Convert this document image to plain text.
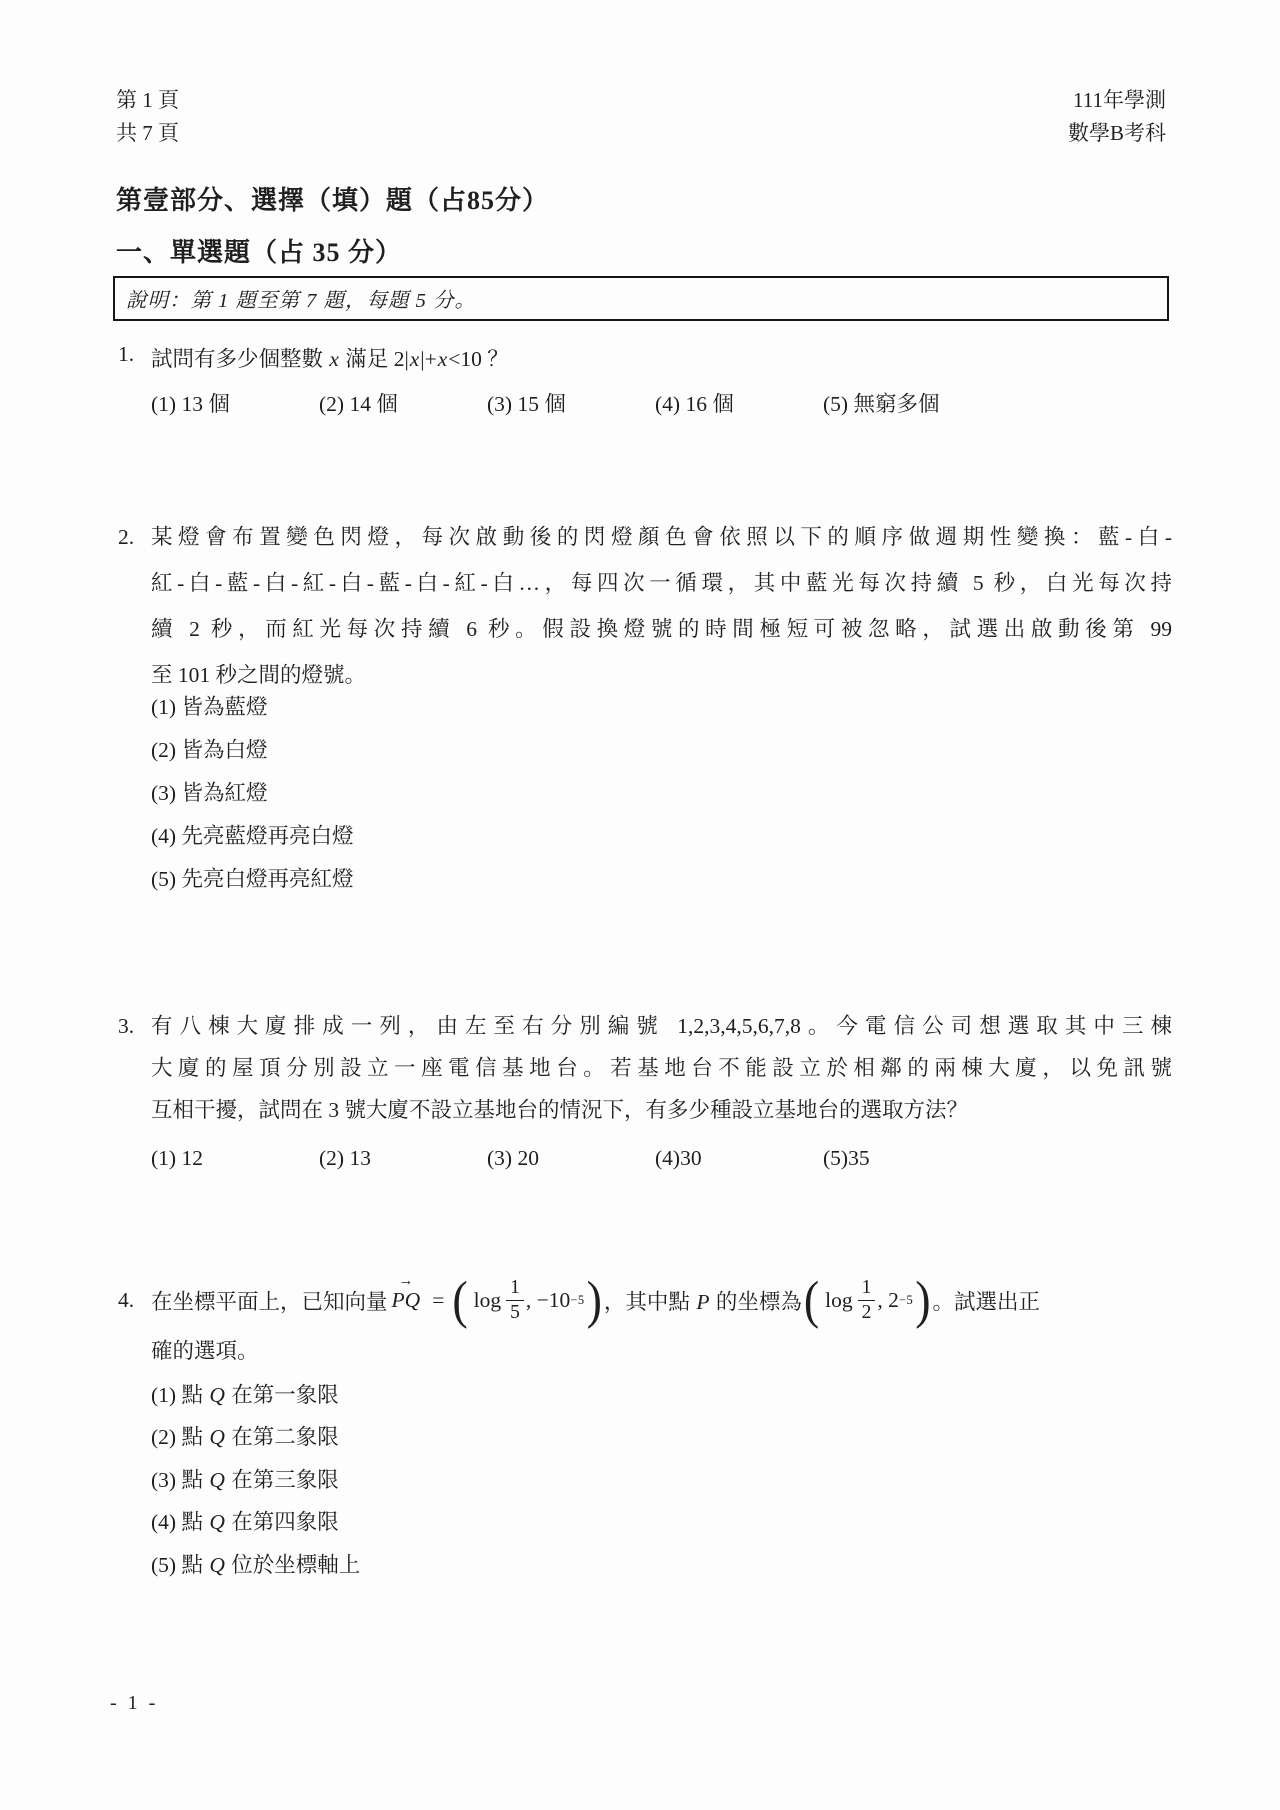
第 1 頁
共 7 頁
111年學測
數學B考科
第壹部分、選擇（填）題（占85分）
一、單選題（占 35 分）
說明：第 1 題至第 7 題，每題 5 分。
1. 試問有多少個整數 x 滿足 2|x|+x<10 ？
(1) 13 個	(2) 14 個	(3) 15 個	(4) 16 個	(5) 無窮多個
2. 某燈會布置變色閃燈，每次啟動後的閃燈顏色會依照以下的順序做週期性變換：藍-白-
紅-白-藍-白-紅-白-藍-白-紅-白…，每四次一循環，其中藍光每次持續 5 秒，白光每次持
續 2 秒，而紅光每次持續 6 秒。假設換燈號的時間極短可被忽略，試選出啟動後第 99
至 101 秒之間的燈號。
(1) 皆為藍燈
(2) 皆為白燈
(3) 皆為紅燈
(4) 先亮藍燈再亮白燈
(5) 先亮白燈再亮紅燈
3. 有八棟大廈排成一列，由左至右分別編號 1,2,3,4,5,6,7,8。今電信公司想選取其中三棟
大廈的屋頂分別設立一座電信基地台。若基地台不能設立於相鄰的兩棟大廈，以免訊號
互相干擾，試問在 3 號大廈不設立基地台的情況下，有多少種設立基地台的選取方法？
(1) 12	(2) 13	(3) 20	(4)30	(5)35
4. 在坐標平面上，已知向量 PQ → = ( $\log \frac{1}{5}$ , −10 −5 ) ，其中點 P 的坐標為 ( $\log \frac{1}{2}$ , 2 −5 ) 。試選出正
確的選項。
(1) 點 Q 在第一象限
(2) 點 Q 在第二象限
(3) 點 Q 在第三象限
(4) 點 Q 在第四象限
(5) 點 Q 位於坐標軸上
- 1 -
